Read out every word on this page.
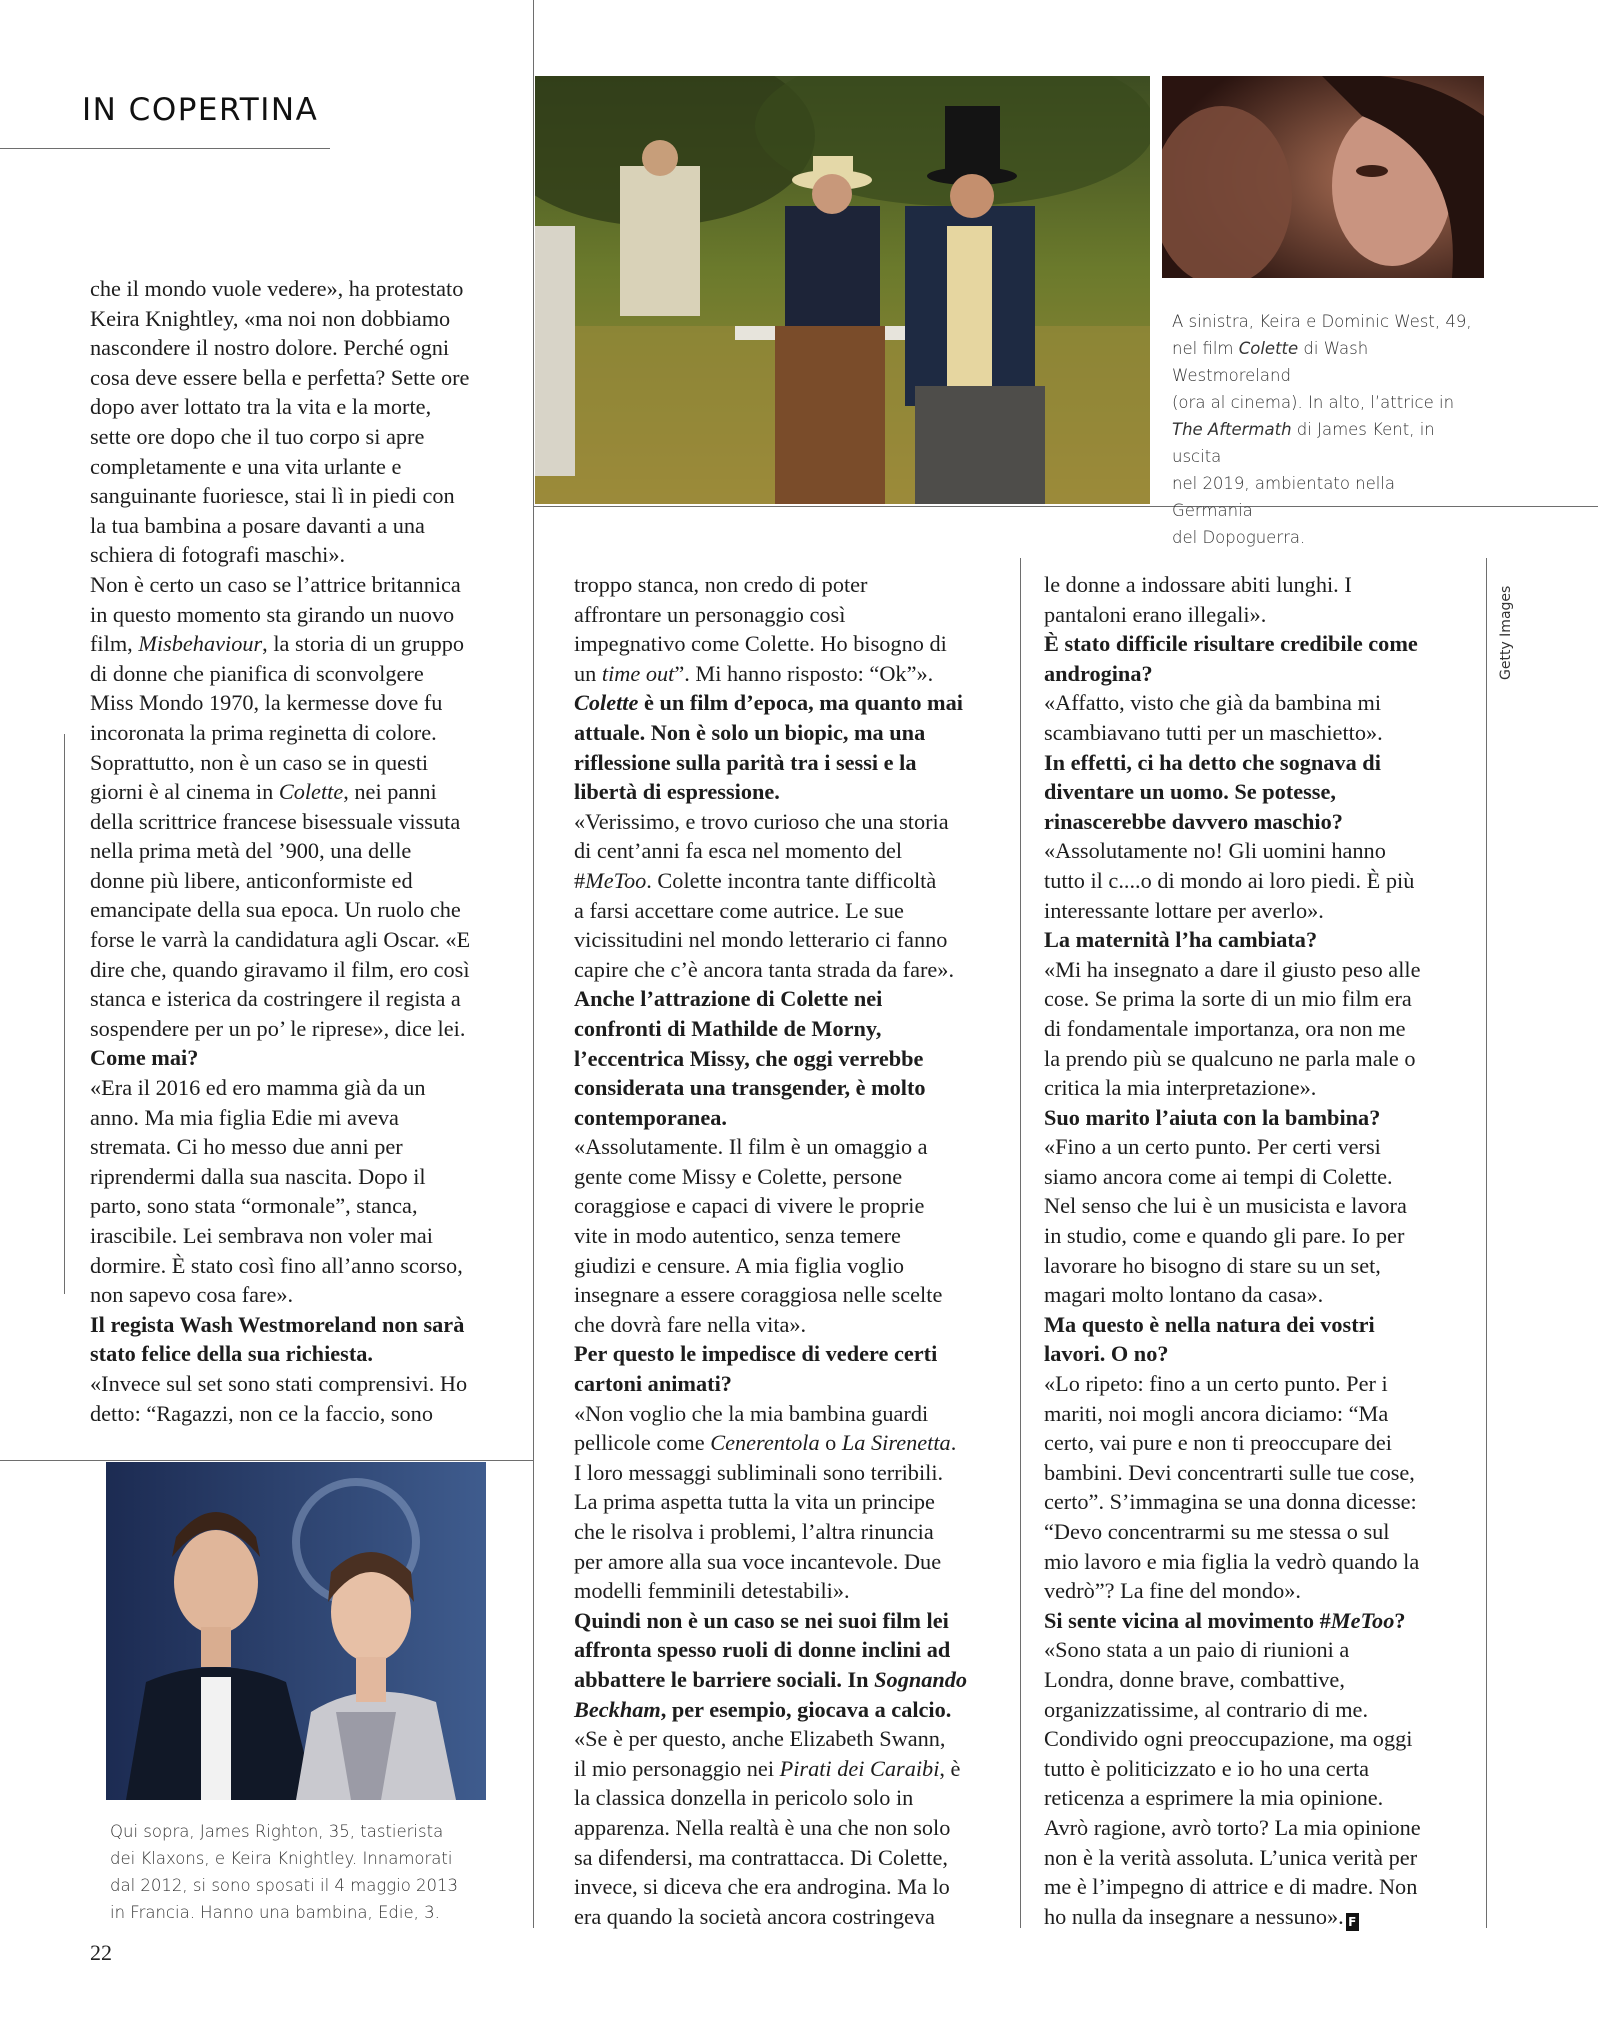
IN COPERTINA
A sinistra, Keira e Dominic West, 49,
nel film Colette di Wash Westmoreland
(ora al cinema). In alto, l’attrice in
The Aftermath di James Kent, in uscita
nel 2019, ambientato nella Germania
del Dopoguerra.
Getty Images

che il mondo vuole vedere», ha protestato

Keira Knightley, «ma noi non dobbiamo

nascondere il nostro dolore. Perché ogni

cosa deve essere bella e perfetta? Sette ore

dopo aver lottato tra la vita e la morte,

sette ore dopo che il tuo corpo si apre

completamente e una vita urlante e

sanguinante fuoriesce, stai lì in piedi con

la tua bambina a posare davanti a una

schiera di fotografi maschi».

Non è certo un caso se l’attrice britannica

in questo momento sta girando un nuovo

film, Misbehaviour, la storia di un gruppo

di donne che pianifica di sconvolgere

Miss Mondo 1970, la kermesse dove fu

incoronata la prima reginetta di colore.

Soprattutto, non è un caso se in questi

giorni è al cinema in Colette, nei panni

della scrittrice francese bisessuale vissuta

nella prima metà del ’900, una delle

donne più libere, anticonformiste ed

emancipate della sua epoca. Un ruolo che

forse le varrà la candidatura agli Oscar. «E

dire che, quando giravamo il film, ero così

stanca e isterica da costringere il regista a

sospendere per un po’ le riprese», dice lei.

Come mai?

«Era il 2016 ed ero mamma già da un

anno. Ma mia figlia Edie mi aveva

stremata. Ci ho messo due anni per

riprendermi dalla sua nascita. Dopo il

parto, sono stata “ormonale”, stanca,

irascibile. Lei sembrava non voler mai

dormire. È stato così fino all’anno scorso,

non sapevo cosa fare».

Il regista Wash Westmoreland non sarà

stato felice della sua richiesta.

«Invece sul set sono stati comprensivi. Ho

detto: “Ragazzi, non ce la faccio, sono

troppo stanca, non credo di poter

affrontare un personaggio così

impegnativo come Colette. Ho bisogno di

un time out”. Mi hanno risposto: “Ok”».

Colette è un film d’epoca, ma quanto mai

attuale. Non è solo un biopic, ma una

riflessione sulla parità tra i sessi e la

libertà di espressione.

«Verissimo, e trovo curioso che una storia

di cent’anni fa esca nel momento del

#MeToo. Colette incontra tante difficoltà

a farsi accettare come autrice. Le sue

vicissitudini nel mondo letterario ci fanno

capire che c’è ancora tanta strada da fare».

Anche l’attrazione di Colette nei

confronti di Mathilde de Morny,

l’eccentrica Missy, che oggi verrebbe

considerata una transgender, è molto

contemporanea.

«Assolutamente. Il film è un omaggio a

gente come Missy e Colette, persone

coraggiose e capaci di vivere le proprie

vite in modo autentico, senza temere

giudizi e censure. A mia figlia voglio

insegnare a essere coraggiosa nelle scelte

che dovrà fare nella vita».

Per questo le impedisce di vedere certi

cartoni animati?

«Non voglio che la mia bambina guardi

pellicole come Cenerentola o La Sirenetta.

I loro messaggi subliminali sono terribili.

La prima aspetta tutta la vita un principe

che le risolva i problemi, l’altra rinuncia

per amore alla sua voce incantevole. Due

modelli femminili detestabili».

Quindi non è un caso se nei suoi film lei

affronta spesso ruoli di donne inclini ad

abbattere le barriere sociali. In Sognando

Beckham, per esempio, giocava a calcio.

«Se è per questo, anche Elizabeth Swann,

il mio personaggio nei Pirati dei Caraibi, è

la classica donzella in pericolo solo in

apparenza. Nella realtà è una che non solo

sa difendersi, ma contrattacca. Di Colette,

invece, si diceva che era androgina. Ma lo

era quando la società ancora costringeva

le donne a indossare abiti lunghi. I

pantaloni erano illegali».

È stato difficile risultare credibile come

androgina?

«Affatto, visto che già da bambina mi

scambiavano tutti per un maschietto».

In effetti, ci ha detto che sognava di

diventare un uomo. Se potesse,

rinascerebbe davvero maschio?

«Assolutamente no! Gli uomini hanno

tutto il c....o di mondo ai loro piedi. È più

interessante lottare per averlo».

La maternità l’ha cambiata?

«Mi ha insegnato a dare il giusto peso alle

cose. Se prima la sorte di un mio film era

di fondamentale importanza, ora non me

la prendo più se qualcuno ne parla male o

critica la mia interpretazione».

Suo marito l’aiuta con la bambina?

«Fino a un certo punto. Per certi versi

siamo ancora come ai tempi di Colette.

Nel senso che lui è un musicista e lavora

in studio, come e quando gli pare. Io per

lavorare ho bisogno di stare su un set,

magari molto lontano da casa».

Ma questo è nella natura dei vostri

lavori. O no?

«Lo ripeto: fino a un certo punto. Per i

mariti, noi mogli ancora diciamo: “Ma

certo, vai pure e non ti preoccupare dei

bambini. Devi concentrarti sulle tue cose,

certo”. S’immagina se una donna dicesse:

“Devo concentrarmi su me stessa o sul

mio lavoro e mia figlia la vedrò quando la

vedrò”? La fine del mondo».

Si sente vicina al movimento #MeToo?

«Sono stata a un paio di riunioni a

Londra, donne brave, combattive,

organizzatissime, al contrario di me.

Condivido ogni preoccupazione, ma oggi

tutto è politicizzato e io ho una certa

reticenza a esprimere la mia opinione.

Avrò ragione, avrò torto? La mia opinione

non è la verità assoluta. L’unica verità per

me è l’impegno di attrice e di madre. Non

ho nulla da insegnare a nessuno». F

Qui sopra, James Righton, 35, tastierista
dei Klaxons, e Keira Knightley. Innamorati
dal 2012, si sono sposati il 4 maggio 2013
in Francia. Hanno una bambina, Edie, 3.
22
